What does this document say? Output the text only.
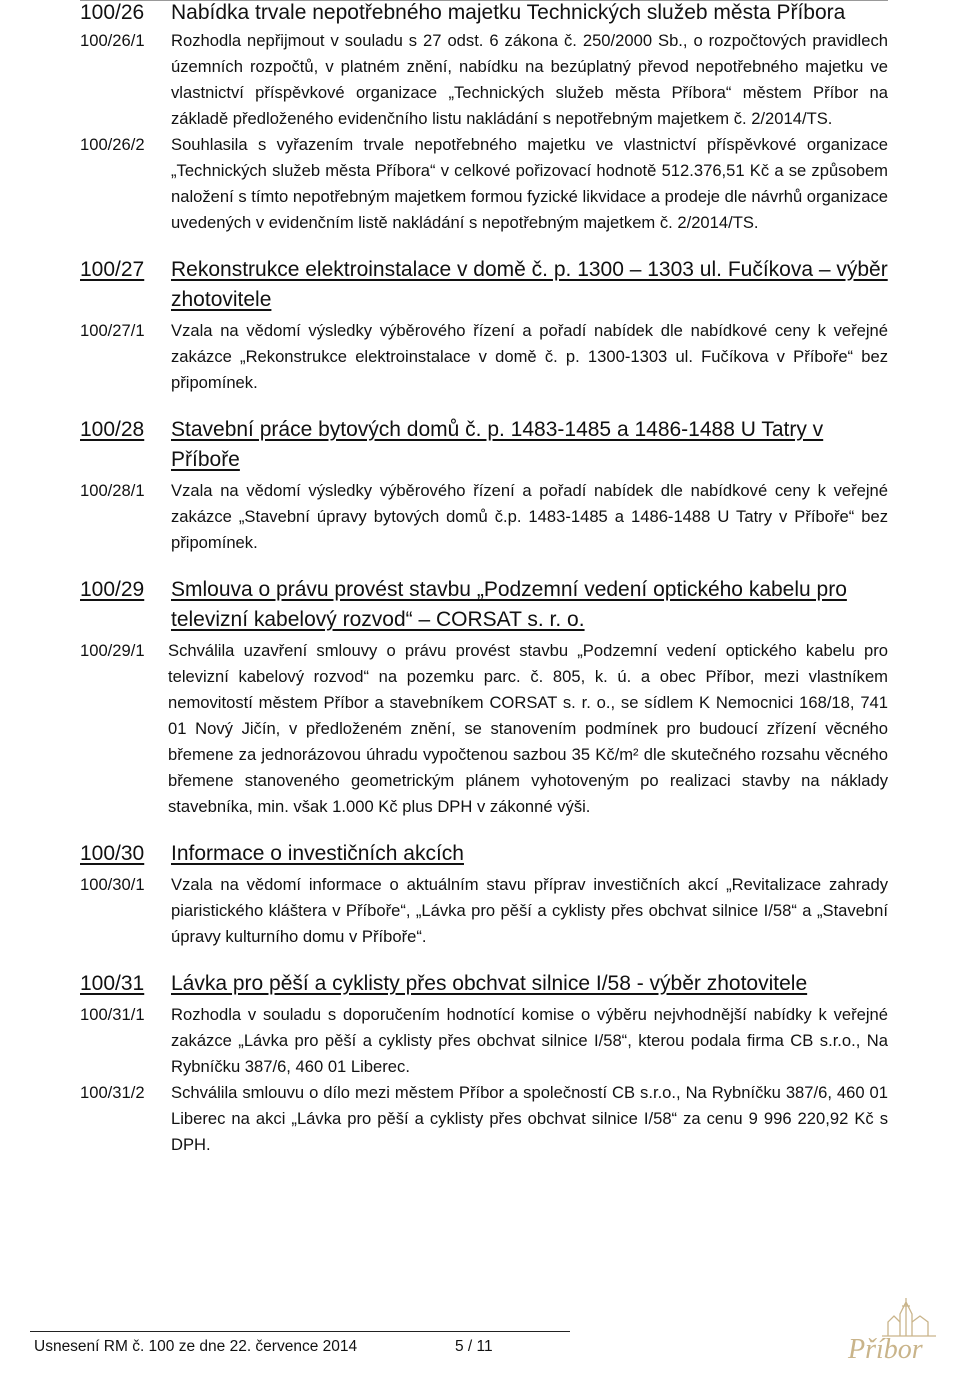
100/26	Nabídka trvale nepotřebného majetku Technických služeb města Příbora
100/26/1	Rozhodla nepřijmout v souladu s 27 odst. 6 zákona č. 250/2000 Sb., o rozpočtových pravidlech územních rozpočtů, v platném znění, nabídku na bezúplatný převod nepotřebného majetku ve vlastnictví příspěvkové organizace „Technických služeb města Příbora“ městem Příbor na základě předloženého evidenčního listu nakládání s nepotřebným majetkem č. 2/2014/TS.
100/26/2	Souhlasila s vyřazením trvale nepotřebného majetku ve vlastnictví příspěvkové organizace „Technických služeb města Příbora“ v celkové pořizovací hodnotě 512.376,51 Kč a se způsobem naložení s tímto nepotřebným majetkem formou fyzické likvidace a prodeje dle návrhů organizace uvedených v evidenčním listě nakládání s nepotřebným majetkem č. 2/2014/TS.
100/27	Rekonstrukce elektroinstalace v domě č. p. 1300 – 1303 ul. Fučíkova – výběr zhotovitele
100/27/1	Vzala na vědomí výsledky výběrového řízení a pořadí nabídek dle nabídkové ceny k veřejné zakázce „Rekonstrukce elektroinstalace v domě č. p. 1300-1303 ul. Fučíkova v Příboře“ bez připomínek.
100/28	Stavební práce bytových domů č. p. 1483-1485 a 1486-1488 U Tatry v Příboře
100/28/1	Vzala na vědomí výsledky výběrového řízení a pořadí nabídek dle nabídkové ceny k veřejné zakázce „Stavební úpravy bytových domů č.p. 1483-1485 a 1486-1488 U Tatry v Příboře“ bez připomínek.
100/29	Smlouva o právu provést stavbu „Podzemní vedení optického kabelu pro televizní kabelový rozvod“ – CORSAT s. r. o.
100/29/1	Schválila uzavření smlouvy o právu provést stavbu „Podzemní vedení optického kabelu pro televizní kabelový rozvod“ na pozemku parc. č. 805, k. ú. a obec Příbor, mezi vlastníkem nemovitostí městem Příbor a stavebníkem CORSAT s. r. o., se sídlem K Nemocnici 168/18, 741 01 Nový Jičín, v předloženém znění, se stanovením podmínek pro budoucí zřízení věcného břemene za jednorázovou úhradu vypočtenou sazbou 35 Kč/m² dle skutečného rozsahu věcného břemene stanoveného geometrickým plánem vyhotoveným po realizaci stavby na náklady stavebníka, min. však 1.000 Kč plus DPH v zákonné výši.
100/30	Informace o investičních akcích
100/30/1	Vzala na vědomí informace o aktuálním stavu příprav investičních akcí „Revitalizace zahrady piaristického kláštera v Příboře“, „Lávka pro pěší a cyklisty přes obchvat silnice I/58“ a „Stavební úpravy kulturního domu v Příboře“.
100/31	Lávka pro pěší a cyklisty přes obchvat silnice I/58 - výběr zhotovitele
100/31/1	Rozhodla v souladu s doporučením hodnotící komise o výběru nejvhodnější nabídky k veřejné zakázce „Lávka pro pěší a cyklisty přes obchvat silnice I/58“, kterou podala firma CB s.r.o., Na Rybníčku 387/6, 460 01 Liberec.
100/31/2	Schválila smlouvu o dílo mezi městem Příbor a společností CB s.r.o., Na Rybníčku 387/6, 460 01 Liberec na akci „Lávka pro pěší a cyklisty přes obchvat silnice I/58“ za cenu 9 996 220,92 Kč s DPH.
Usnesení RM č. 100 ze dne 22. července 2014	5 / 11	Příbor
